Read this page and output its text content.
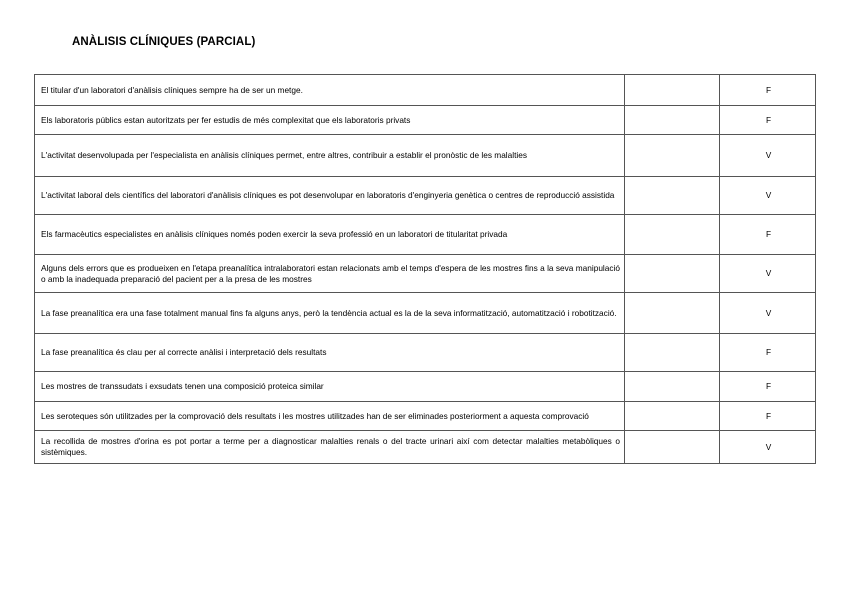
ANÀLISIS CLÍNIQUES (PARCIAL)
El titular d'un laboratori d'anàlisis clíniques sempre ha de ser un metge.		F
Els laboratoris públics estan autoritzats per fer estudis de més complexitat que els laboratoris privats		F
L'activitat desenvolupada per l'especialista en anàlisis clíniques permet, entre altres, contribuir a establir el pronòstic de les malalties		V
L'activitat laboral dels científics del laboratori d'anàlisis clíniques es pot desenvolupar en laboratoris d'enginyeria genètica o centres de reproducció assistida		V
Els farmacèutics especialistes en anàlisis clíniques només poden exercir la seva professió en un laboratori de titularitat privada		F
Alguns dels errors que es produeixen en l'etapa preanalítica intralaboratori estan relacionats amb el temps d'espera de les mostres fins a la seva manipulació o amb la inadequada preparació del pacient per a la presa de les mostres		V
La fase preanalítica era una fase totalment manual fins fa alguns anys, però la tendència actual es la de la seva informatització, automatització i robotització.		V
La fase preanalítica és clau per al correcte anàlisi i interpretació dels resultats		F
Les mostres de transsudats i exsudats tenen una composició proteica similar		F
Les seroteques són utilitzades per la comprovació dels resultats i les mostres utilitzades han de ser eliminades posteriorment a aquesta comprovació		F
La recollida de mostres d'orina es pot portar a terme per a diagnosticar malalties renals o del tracte urinari així com detectar malalties metabòliques o sistèmiques.		V
